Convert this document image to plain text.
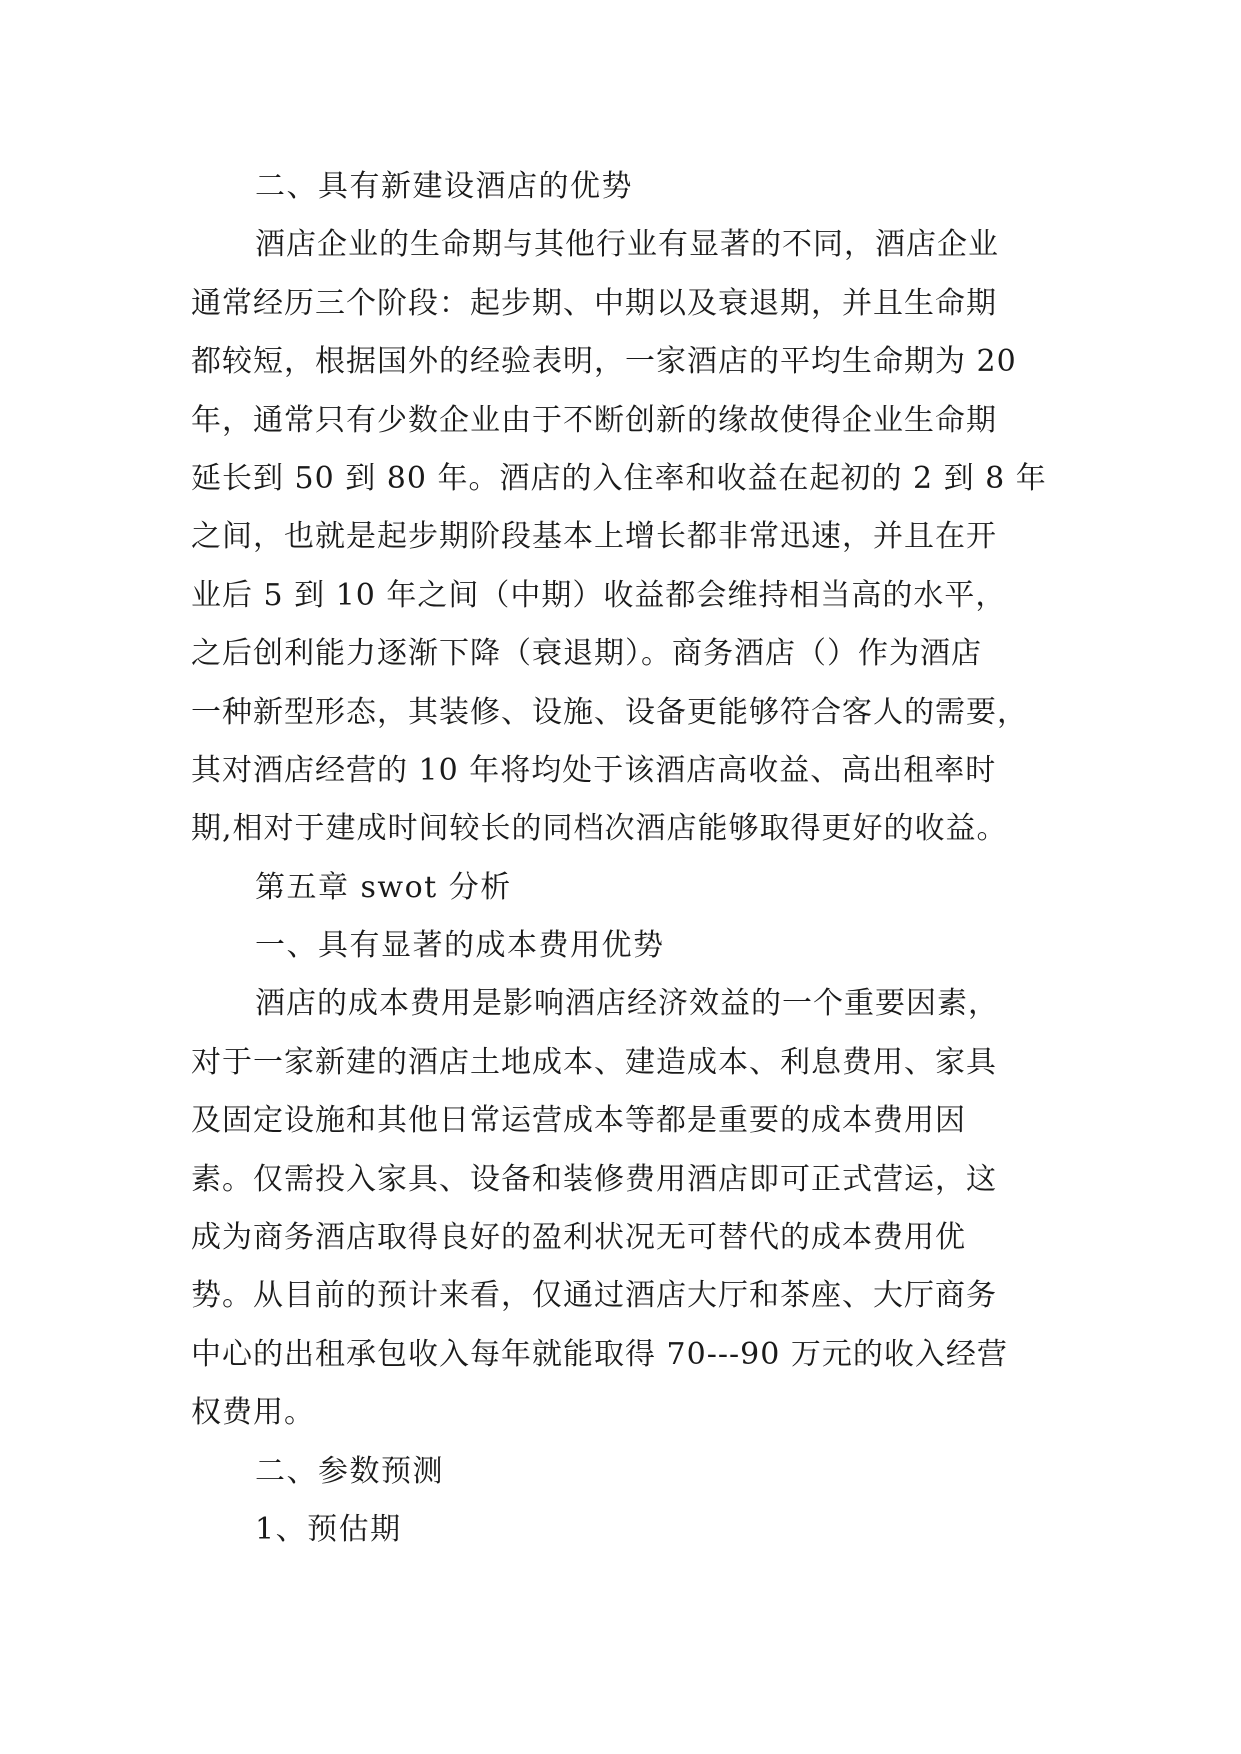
二、具有新建设酒店的优势
酒店企业的生命期与其他行业有显著的不同，酒店企业
通常经历三个阶段：起步期、中期以及衰退期，并且生命期
都较短，根据国外的经验表明，一家酒店的平均生命期为 20
年，通常只有少数企业由于不断创新的缘故使得企业生命期
延长到 50 到 80 年。酒店的入住率和收益在起初的 2 到 8 年
之间，也就是起步期阶段基本上增长都非常迅速，并且在开
业后 5 到 10 年之间（中期）收益都会维持相当高的水平，
之后创利能力逐渐下降（衰退期）。商务酒店（）作为酒店
一种新型形态，其装修、设施、设备更能够符合客人的需要，
其对酒店经营的 10 年将均处于该酒店高收益、高出租率时
期,相对于建成时间较长的同档次酒店能够取得更好的收益。
第五章 swot 分析
一、具有显著的成本费用优势
酒店的成本费用是影响酒店经济效益的一个重要因素，
对于一家新建的酒店土地成本、建造成本、利息费用、家具
及固定设施和其他日常运营成本等都是重要的成本费用因
素。仅需投入家具、设备和装修费用酒店即可正式营运，这
成为商务酒店取得良好的盈利状况无可替代的成本费用优
势。从目前的预计来看，仅通过酒店大厅和茶座、大厅商务
中心的出租承包收入每年就能取得 70---90 万元的收入经营
权费用。
二、参数预测
1、预估期
